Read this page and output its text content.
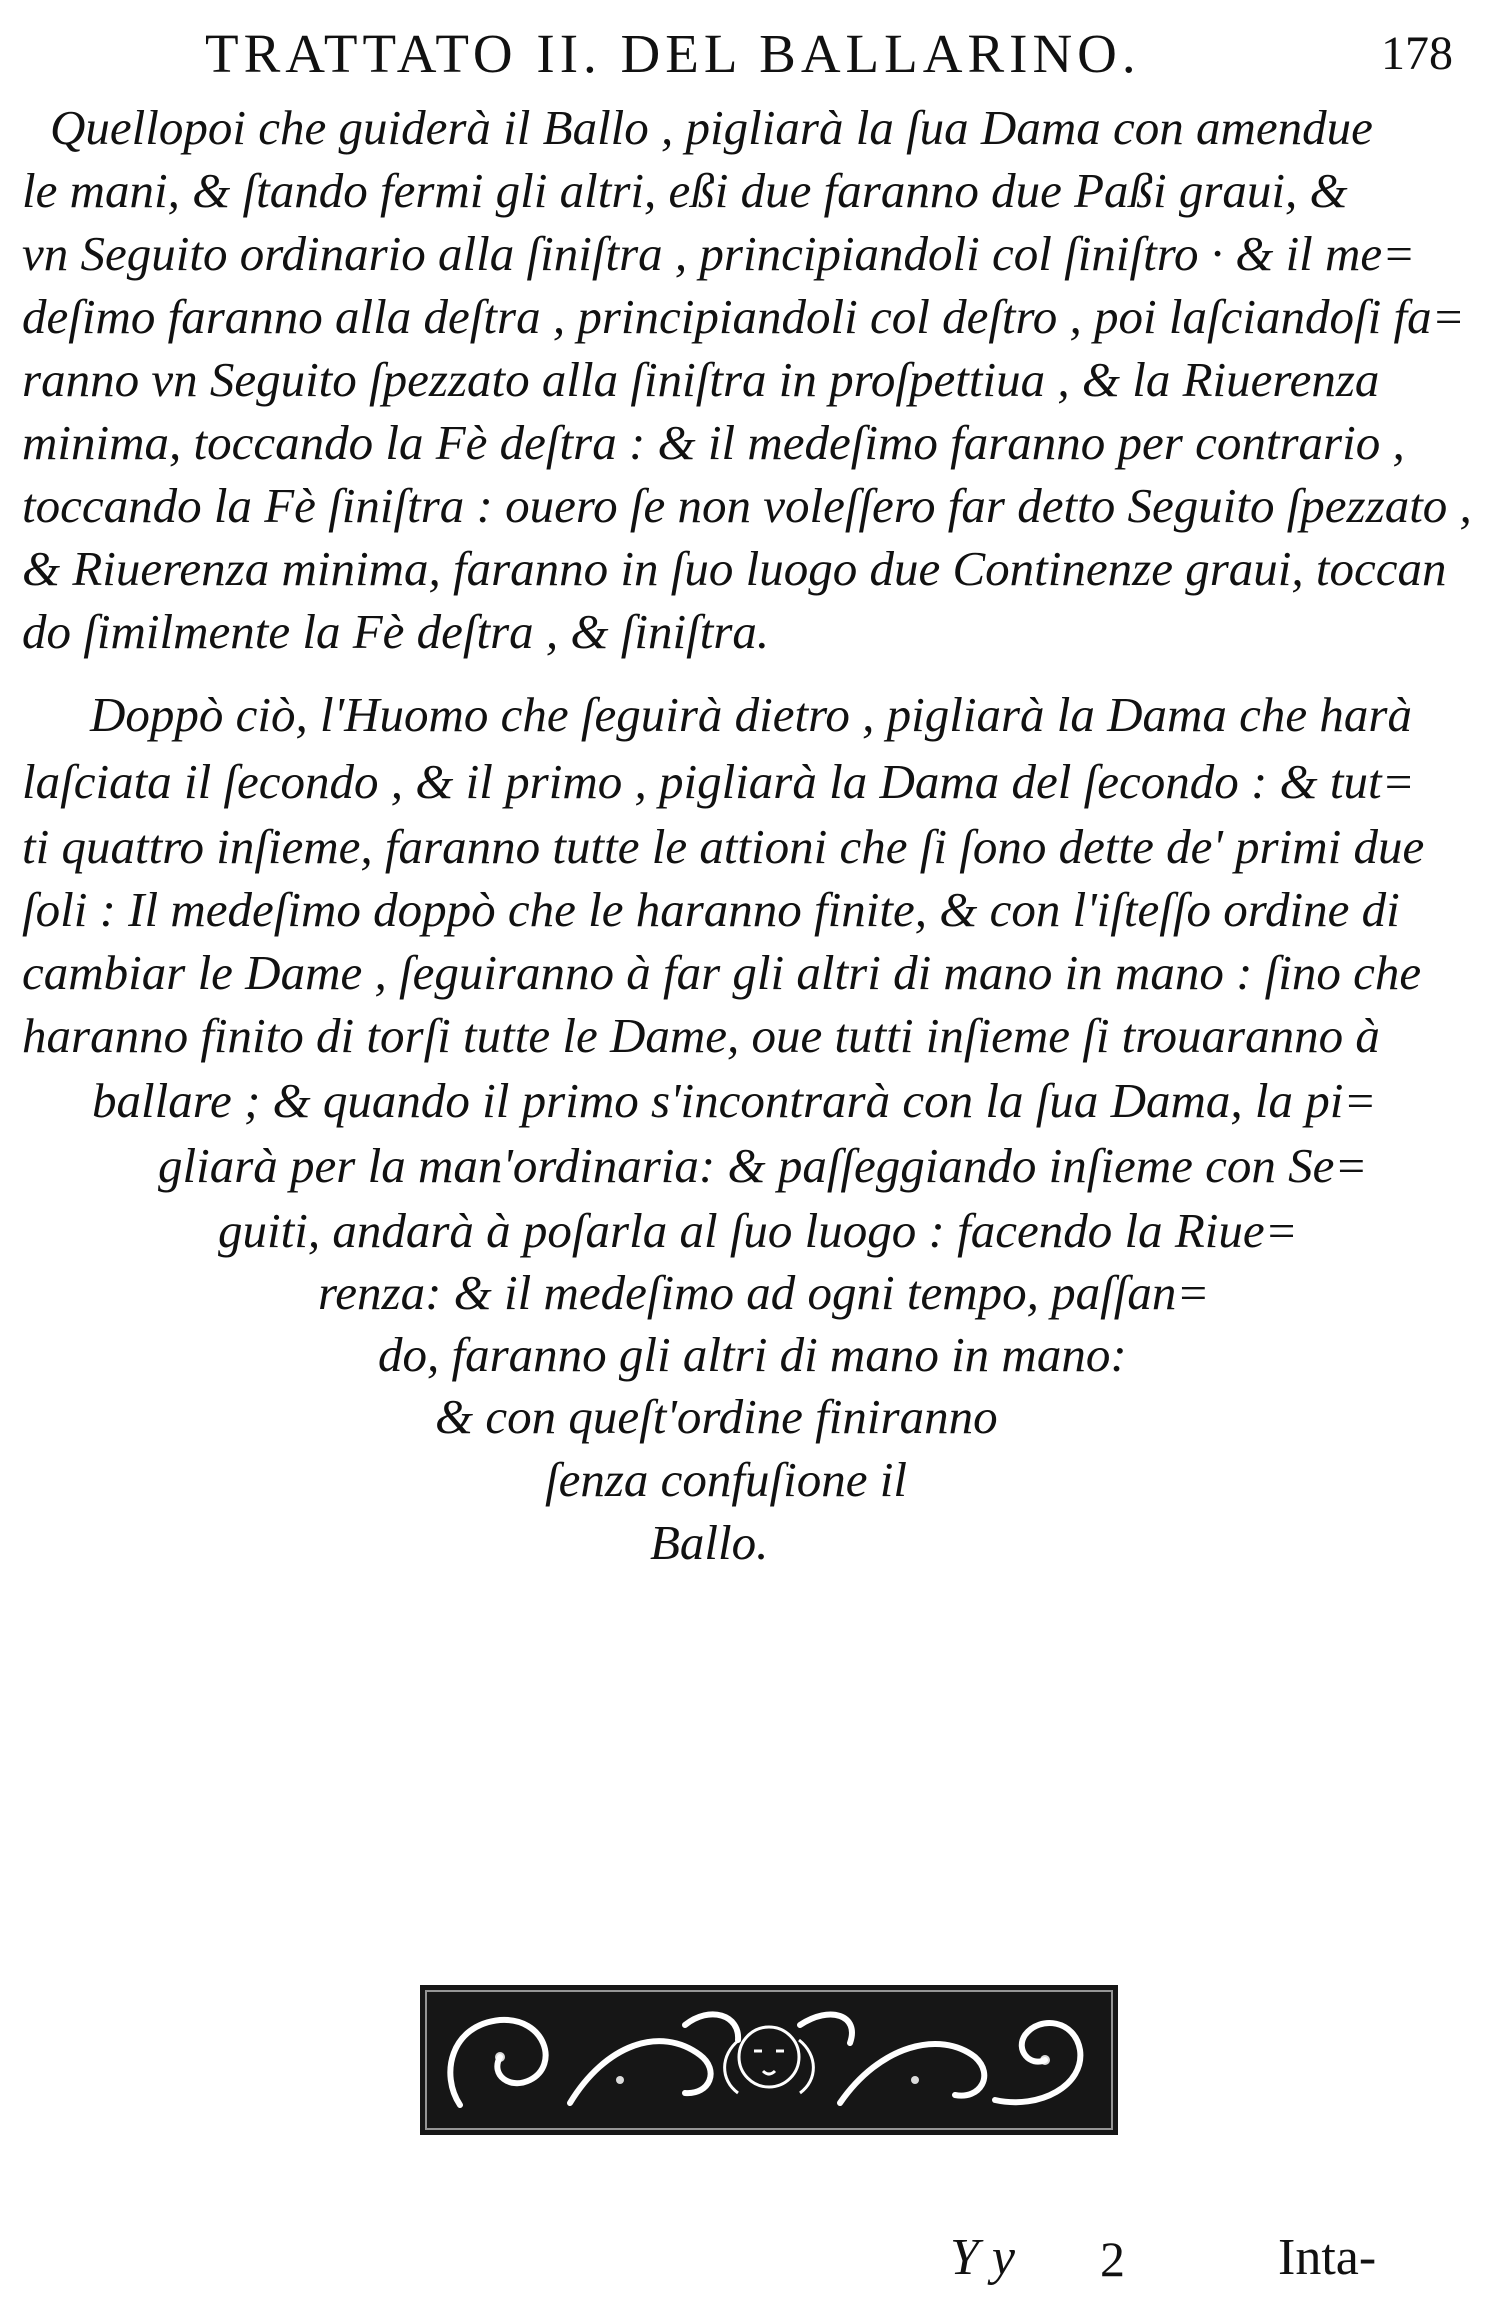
TRATTATO II. DEL BALLARINO.	178
Quellopoi che guiderà il Ballo , pigliarà la ſua Dama con amendue
le mani, & ſtando fermi gli altri, eßi due faranno due Paßi graui, &
vn Seguito ordinario alla ſiniſtra , principiandoli col ſiniſtro · & il me=
deſimo faranno alla deſtra , principiandoli col deſtro , poi laſciandoſi fa=
ranno vn Seguito ſpezzato alla ſiniſtra in proſpettiua , & la Riuerenza
minima, toccando la Fè deſtra : & il medeſimo faranno per contrario ,
toccando la Fè ſiniſtra : ouero ſe non voleſſero far detto Seguito ſpezzato ,
& Riuerenza minima, faranno in ſuo luogo due Continenze graui, toccan
do ſimilmente la Fè deſtra , & ſiniſtra.
Doppò ciò, l'Huomo che ſeguirà dietro , pigliarà la Dama che harà
laſciata il ſecondo , & il primo , pigliarà la Dama del ſecondo : & tut=
ti quattro inſieme, faranno tutte le attioni che ſi ſono dette de' primi due
ſoli : Il medeſimo doppò che le haranno finite, & con l'iſteſſo ordine di
cambiar le Dame , ſeguiranno à far gli altri di mano in mano : ſino che
haranno finito di torſi tutte le Dame, oue tutti inſieme ſi trouaranno à
ballare ; & quando il primo s'incontrarà con la ſua Dama, la pi=
gliarà per la man'ordinaria: & paſſeggiando inſieme con Se=
guiti, andarà à poſarla al ſuo luogo : facendo la Riue=
renza: & il medeſimo ad ogni tempo, paſſan=
do, faranno gli altri di mano in mano:
& con queſt'ordine finiranno
ſenza confuſione il
Ballo.
Y y 2	Inta-
